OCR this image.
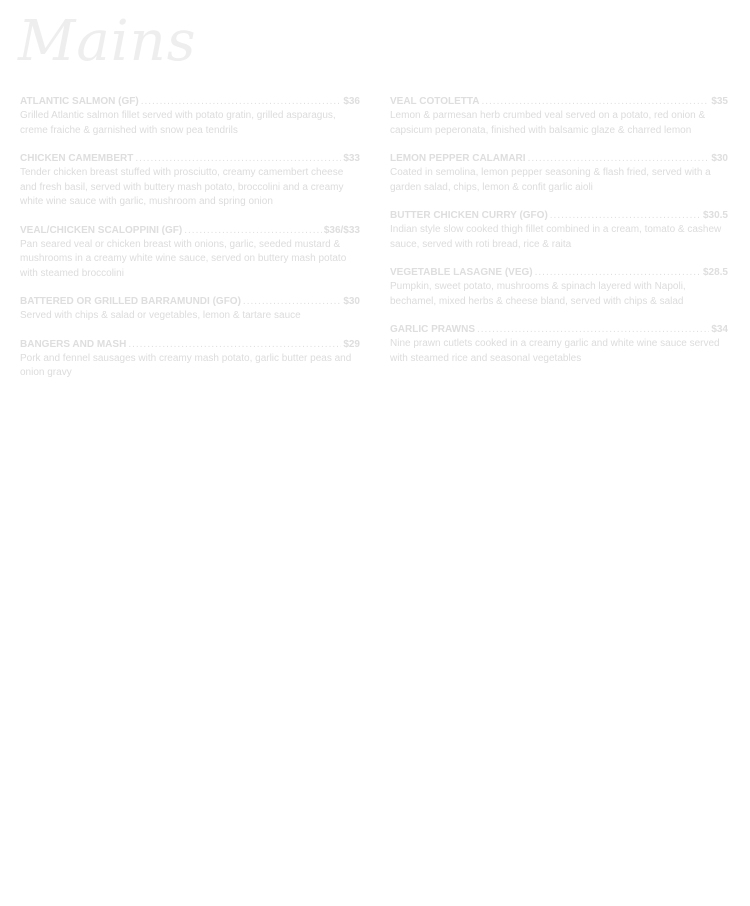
Mains
ATLANTIC SALMON (GF) .....	$36

Grilled Atlantic salmon fillet served with potato gratin, grilled asparagus, creme fraiche & garnished with snow pea tendrils

CHICKEN CAMEMBERT .....	$33

Tender chicken breast stuffed with prosciutto, creamy camembert cheese and fresh basil, served with buttery mash potato, broccolini and a creamy white wine sauce with garlic, mushroom and spring onion

VEAL/CHICKEN SCALOPPINI (GF) .....	$36/$33

Pan seared veal or chicken breast with onions, garlic, seeded mustard & mushrooms in a creamy white wine sauce, served on buttery mash potato with steamed broccolini

BATTERED OR GRILLED BARRAMUNDI (GFO) .....	$30

Served with chips & salad or vegetables, lemon & tartare sauce

BANGERS AND MASH .....	$29

Pork and fennel sausages with creamy mash potato, garlic butter peas and onion gravy

VEAL COTOLETTA .....	$35

Lemon & parmesan herb crumbed veal served on a potato, red onion & capsicum peperonata, finished with balsamic glaze & charred lemon

LEMON PEPPER CALAMARI .....	$30

Coated in semolina, lemon pepper seasoning & flash fried, served with a garden salad, chips, lemon & confit garlic aioli

BUTTER CHICKEN CURRY (GFO) .....	$30.5

Indian style slow cooked thigh fillet combined in a cream, tomato & cashew sauce, served with roti bread, rice & raita

VEGETABLE LASAGNE (VEG) .....	$28.5

Pumpkin, sweet potato, mushrooms & spinach layered with Napoli, bechamel, mixed herbs & cheese bland, served with chips & salad

GARLIC PRAWNS .....	$34

Nine prawn cutlets cooked in a creamy garlic and white wine sauce served with steamed rice and seasonal vegetables
